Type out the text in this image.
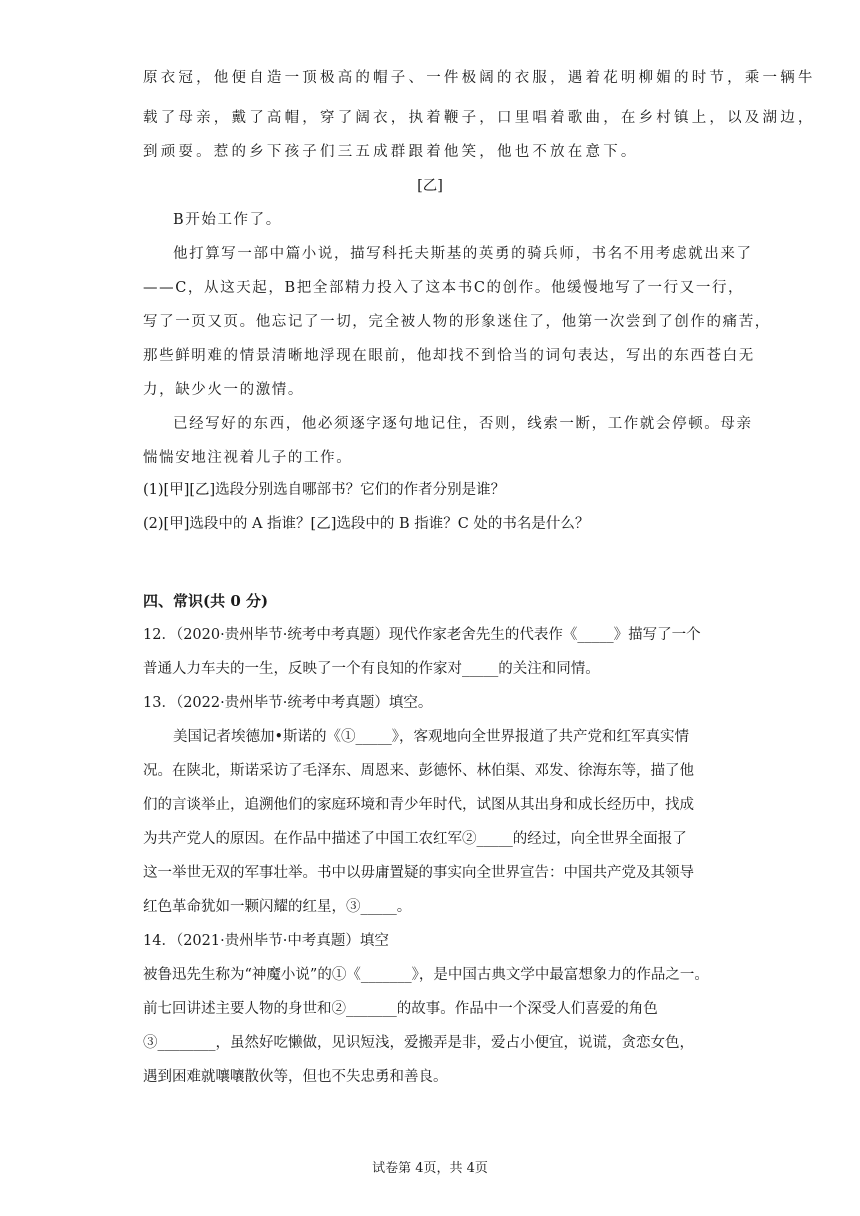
原衣冠，他便自造一顶极高的帽子、一件极阔的衣服，遇着花明柳媚的时节，乘一辆牛
载了母亲，戴了高帽，穿了阔衣，执着鞭子，口里唱着歌曲，在乡村镇上，以及湖边，
到顽耍。惹的乡下孩子们三五成群跟着他笑，他也不放在意下。
[乙]
B开始工作了。
他打算写一部中篇小说，描写科托夫斯基的英勇的骑兵师，书名不用考虑就出来了
——C，从这天起，B把全部精力投入了这本书C的创作。他缓慢地写了一行又一行，
写了一页又页。他忘记了一切，完全被人物的形象迷住了，他第一次尝到了创作的痛苦，
那些鲜明难的情景清晰地浮现在眼前，他却找不到恰当的词句表达，写出的东西苍白无
力，缺少火一的激情。
已经写好的东西，他必须逐字逐句地记住，否则，线索一断，工作就会停顿。母亲
惴惴安地注视着儿子的工作。
(1)[甲][乙]选段分别选自哪部书？它们的作者分别是谁？
(2)[甲]选段中的 A 指谁？[乙]选段中的 B 指谁？C 处的书名是什么？
四、常识(共 0 分)
12．（2020·贵州毕节·统考中考真题）现代作家老舍先生的代表作《_____》描写了一个
普通人力车夫的一生，反映了一个有良知的作家对_____的关注和同情。
13．（2022·贵州毕节·统考中考真题）填空。
美国记者埃德加•斯诺的《①_____》，客观地向全世界报道了共产党和红军真实情
况。在陕北，斯诺采访了毛泽东、周恩来、彭德怀、林伯渠、邓发、徐海东等，描了他
们的言谈举止，追溯他们的家庭环境和青少年时代，试图从其出身和成长经历中，找成
为共产党人的原因。在作品中描述了中国工农红军②_____的经过，向全世界全面报了
这一举世无双的军事壮举。书中以毋庸置疑的事实向全世界宣告：中国共产党及其领导
红色革命犹如一颗闪耀的红星，③_____。
14．（2021·贵州毕节·中考真题）填空
被鲁迅先生称为“神魔小说”的①《_______》，是中国古典文学中最富想象力的作品之一。
前七回讲述主要人物的身世和②_______的故事。作品中一个深受人们喜爱的角色
③________，虽然好吃懒做，见识短浅，爱搬弄是非，爱占小便宜，说谎，贪恋女色，
遇到困难就嚷嚷散伙等，但也不失忠勇和善良。
试卷第 4页，共 4页
